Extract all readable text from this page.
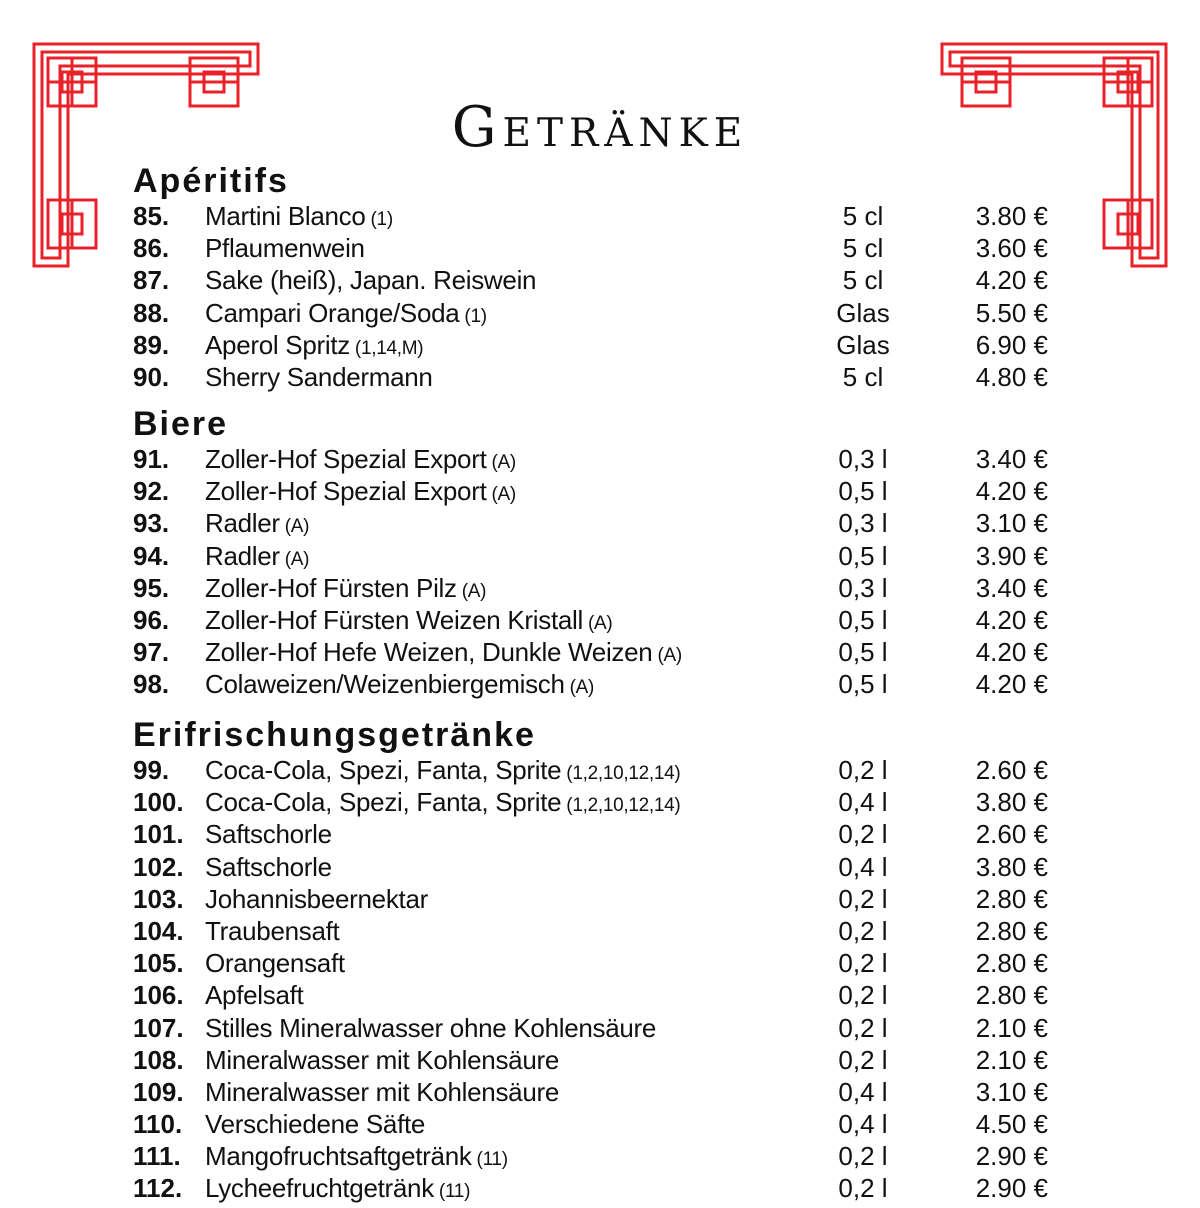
Getränke
Apéritifs
85. Martini Blanco (1)	5 cl	3.80 €
86. Pflaumenwein	5 cl	3.60 €
87. Sake (heiß), Japan. Reiswein	5 cl	4.20 €
88. Campari Orange/Soda (1)	Glas	5.50 €
89. Aperol Spritz (1,14,M)	Glas	6.90 €
90. Sherry Sandermann	5 cl	4.80 €
Biere
91. Zoller-Hof Spezial Export (A)	0,3 l	3.40 €
92. Zoller-Hof Spezial Export (A)	0,5 l	4.20 €
93. Radler (A)	0,3 l	3.10 €
94. Radler (A)	0,5 l	3.90 €
95. Zoller-Hof Fürsten Pilz (A)	0,3 l	3.40 €
96. Zoller-Hof Fürsten Weizen Kristall (A)	0,5 l	4.20 €
97. Zoller-Hof Hefe Weizen, Dunkle Weizen (A)	0,5 l	4.20 €
98. Colaweizen/Weizenbiergemisch (A)	0,5 l	4.20 €
Erifrischungsgetränke
99. Coca-Cola, Spezi, Fanta, Sprite (1,2,10,12,14)	0,2 l	2.60 €
100. Coca-Cola, Spezi, Fanta, Sprite (1,2,10,12,14)	0,4 l	3.80 €
101. Saftschorle	0,2 l	2.60 €
102. Saftschorle	0,4 l	3.80 €
103. Johannisbeernektar	0,2 l	2.80 €
104. Traubensaft	0,2 l	2.80 €
105. Orangensaft	0,2 l	2.80 €
106. Apfelsaft	0,2 l	2.80 €
107. Stilles Mineralwasser ohne Kohlensäure	0,2 l	2.10 €
108. Mineralwasser mit Kohlensäure	0,2 l	2.10 €
109. Mineralwasser mit Kohlensäure	0,4 l	3.10 €
110. Verschiedene Säfte	0,4 l	4.50 €
111. Mangofruchtsaftgetränk (11)	0,2 l	2.90 €
112. Lycheefruchtgetränk (11)	0,2 l	2.90 €
